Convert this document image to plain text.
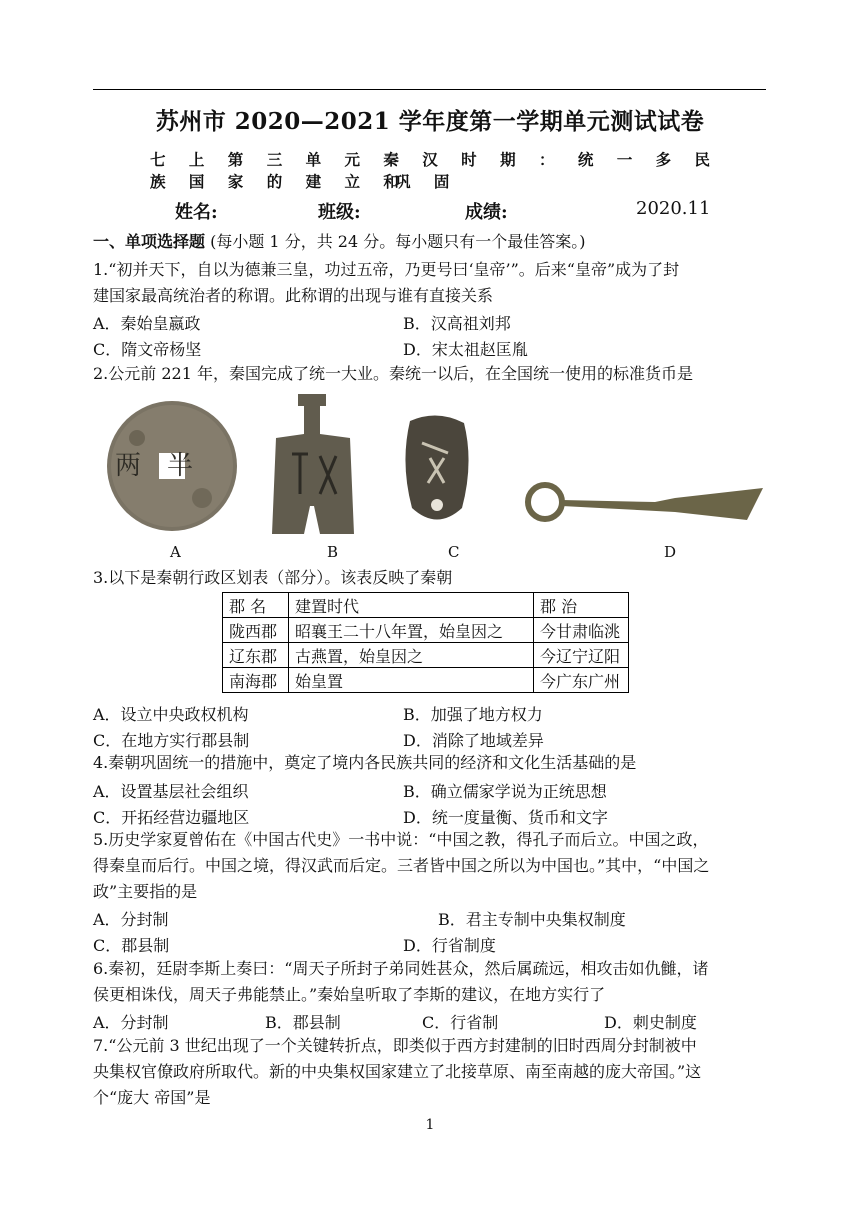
苏州市 2020—2021 学年度第一学期单元测试试卷
七 上 第 三 单 元 秦 汉 时 期 ： 统 一 多 民 族 国 家 的 建 立 和
巩 固
姓名:	班级:	成绩:	2020.11
一、单项选择题 (每小题 1 分，共 24 分。每小题只有一个最佳答案。)
1.“初并天下，自以为德兼三皇，功过五帝，乃更号曰‘皇帝’”。后来“皇帝”成为了封
建国家最高统治者的称谓。此称谓的出现与谁有直接关系
A．秦始皇嬴政	B．汉高祖刘邦
C．隋文帝杨坚	D．宋太祖赵匡胤
2.公元前 221 年，秦国完成了统一大业。秦统一以后，在全国统一使用的标准货币是
两　半
A	B	C	D
3.以下是秦朝行政区划表（部分）。该表反映了秦朝
郡 名	建置时代	郡 治
陇西郡	昭襄王二十八年置，始皇因之	今甘肃临洮
辽东郡	古燕置，始皇因之	今辽宁辽阳
南海郡	始皇置	今广东广州
A．设立中央政权机构	B．加强了地方权力
C．在地方实行郡县制	D．消除了地域差异
4.秦朝巩固统一的措施中，奠定了境内各民族共同的经济和文化生活基础的是
A．设置基层社会组织	B．确立儒家学说为正统思想
C．开拓经营边疆地区	D．统一度量衡、货币和文字
5.历史学家夏曾佑在《中国古代史》一书中说：“中国之教，得孔子而后立。中国之政，
得秦皇而后行。中国之境，得汉武而后定。三者皆中国之所以为中国也。”其中，“中国之
政”主要指的是
A．分封制	B．君主专制中央集权制度
C．郡县制	D．行省制度
6.秦初，廷尉李斯上奏曰：“周天子所封子弟同姓甚众，然后属疏远，相攻击如仇雠，诸
侯更相诛伐，周天子弗能禁止。”秦始皇听取了李斯的建议，在地方实行了
A．分封制	B．郡县制	C．行省制	D．刺史制度
7.“公元前 3 世纪出现了一个关键转折点，即类似于西方封建制的旧时西周分封制被中
央集权官僚政府所取代。新的中央集权国家建立了北接草原、南至南越的庞大帝国。”这
个“庞大 帝国”是
1
